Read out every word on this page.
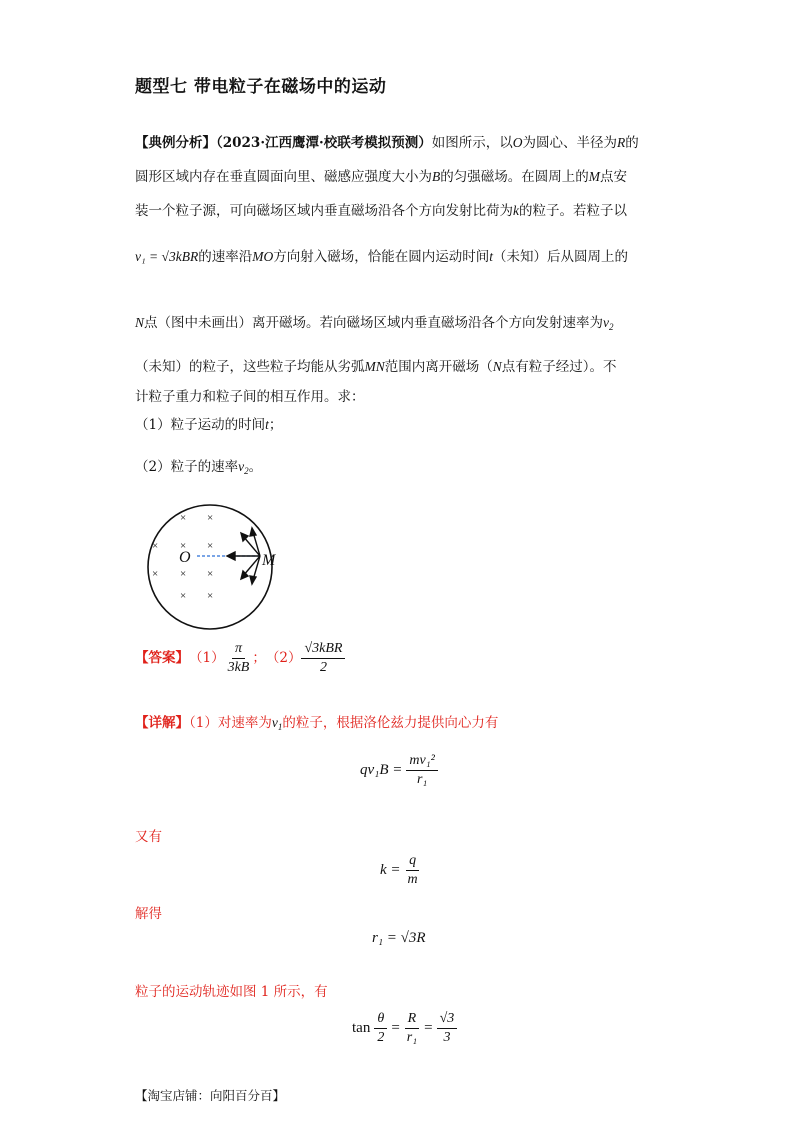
题型七 带电粒子在磁场中的运动
【典例分析】（2023·江西鹰潭·校联考模拟预测）如图所示，以O为圆心、半径为R的
圆形区域内存在垂直圆面向里、磁感应强度大小为B的匀强磁场。在圆周上的M点安
装一个粒子源，可向磁场区域内垂直磁场沿各个方向发射比荷为k的粒子。若粒子以
v₁ = √3kBR的速率沿MO方向射入磁场，恰能在圆内运动时间t（未知）后从圆周上的
N点（图中未画出）离开磁场。若向磁场区域内垂直磁场沿各个方向发射速率为$v_2$
（未知）的粒子，这些粒子均能从劣弧MN范围内离开磁场（N点有粒子经过）。不
计粒子重力和粒子间的相互作用。求：
（1）粒子运动的时间t；
（2）粒子的速率$v_2$。
× ×
× × ×
× × ×
× ×
O	M
【答案】 $(1) \frac{\pi}{3kB}$ ； $(2) \frac{\text{√3kBR}}{2}$
【详解】（1）对速率为$v_1$的粒子，根据洛伦兹力提供向心力有
$qv_1B = \frac{\text{mv₁²}}{\text{r₁}}$
又有
$k = \frac{q}{m}$
解得
r₁ = √3R
粒子的运动轨迹如图 1 所示，有
$\tan \frac{\theta}{2} = \frac{R}{\text{r₁}} = \frac{√3}{3}$
【淘宝店铺：向阳百分百】
